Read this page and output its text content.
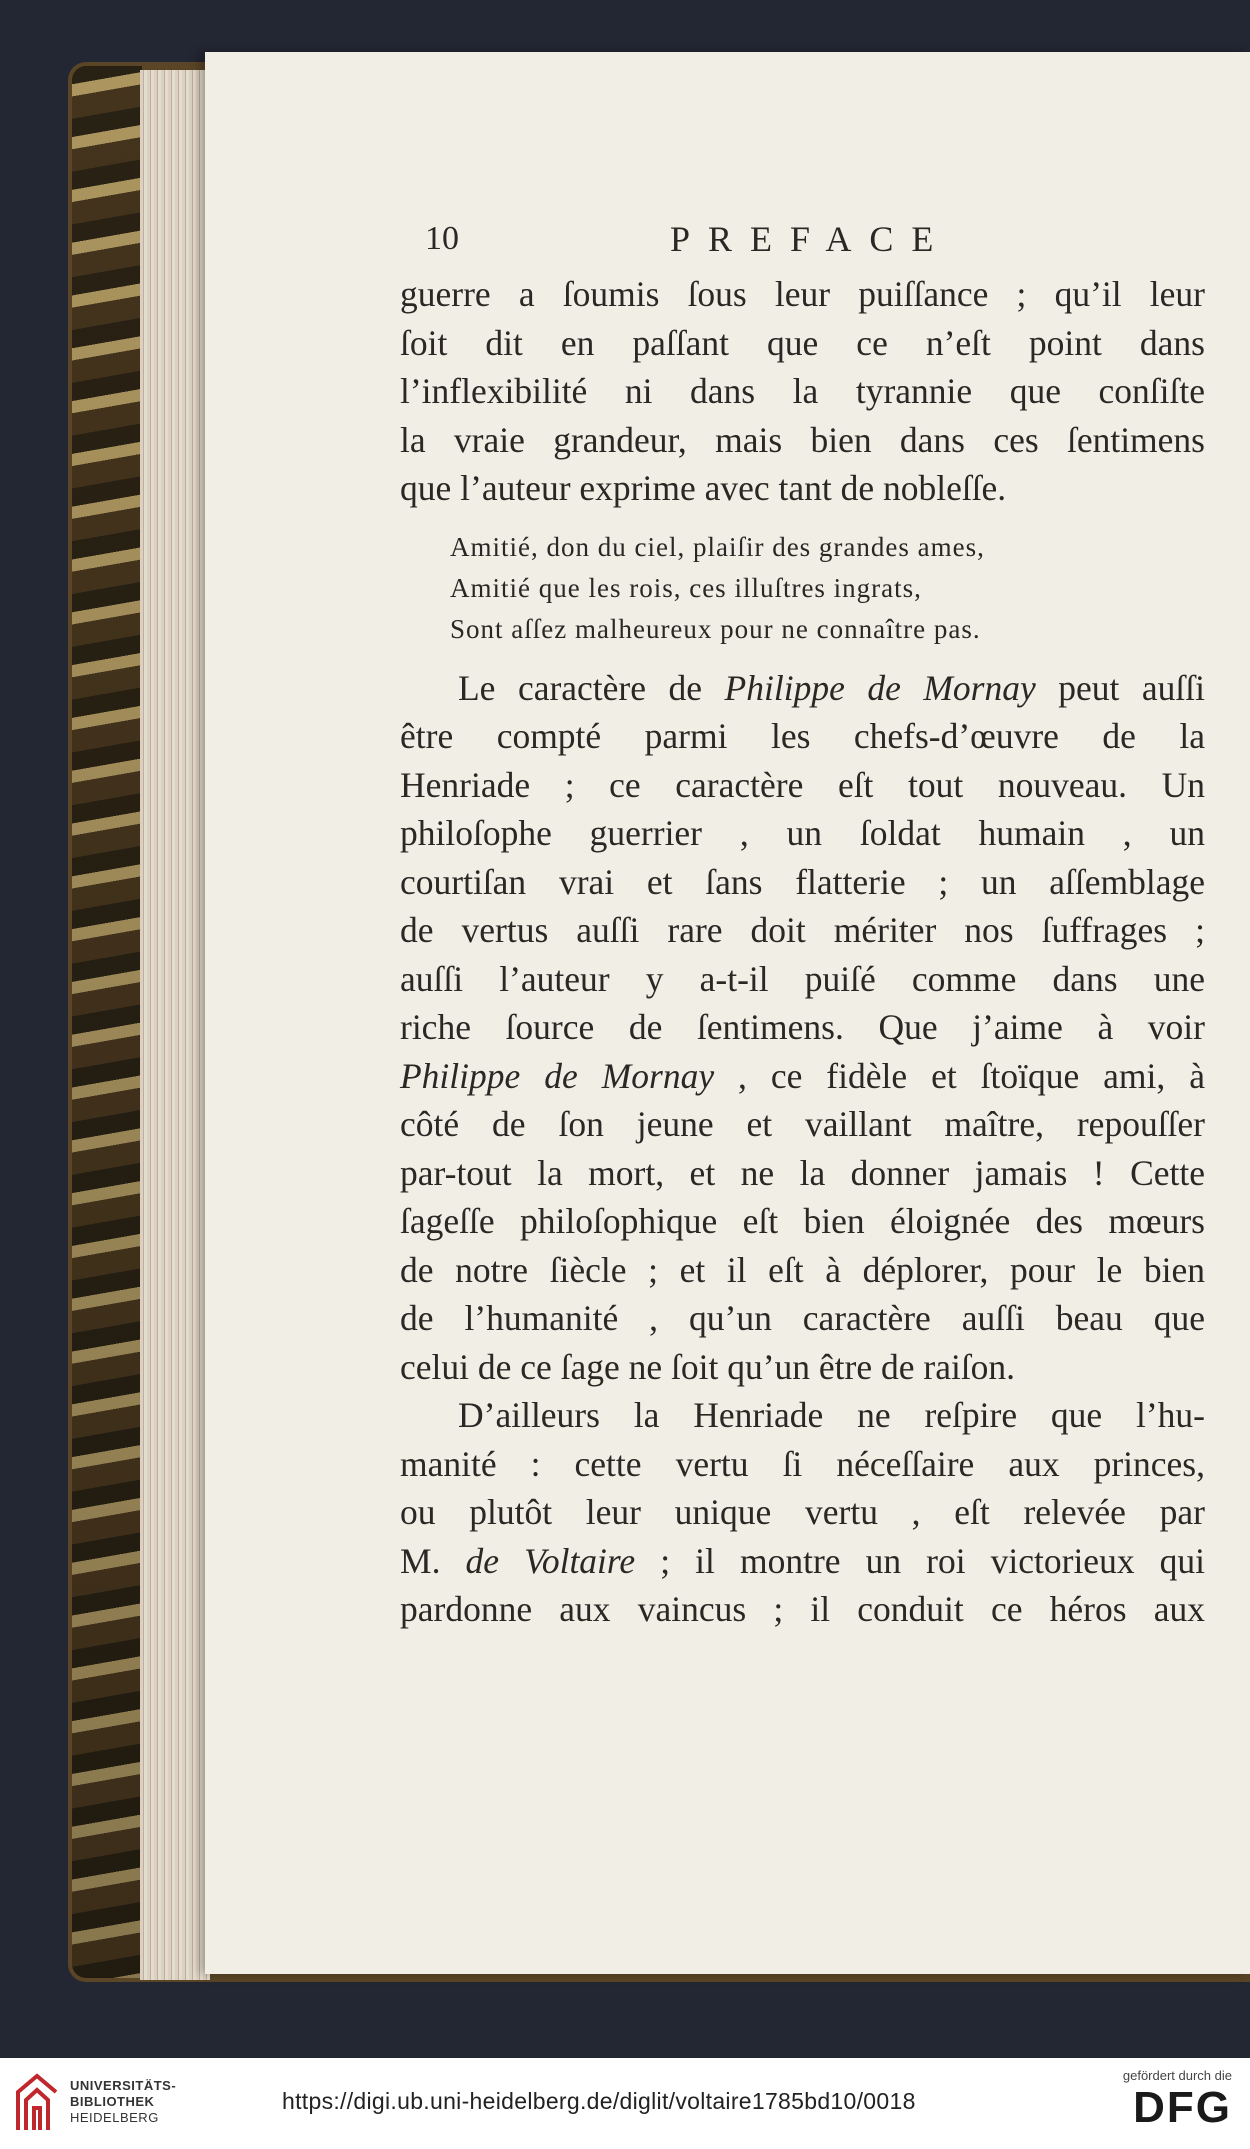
10	PREFACE

guerre a ſoumis ſous leur puiſſance ; qu’il leur
ſoit dit en paſſant que ce n’eſt point dans
l’inflexibilité ni dans la tyrannie que conſiſte
la vraie grandeur, mais bien dans ces ſentimens
que l’auteur exprime avec tant de nobleſſe.

Amitié, don du ciel, plaiſir des grandes ames,
Amitié que les rois, ces illuſtres ingrats,
Sont aſſez malheureux pour ne connaître pas.

Le caractère de Philippe de Mornay peut auſſi
être compté parmi les chefs-d’œuvre de la
Henriade ; ce caractère eſt tout nouveau. Un
philoſophe guerrier , un ſoldat humain , un
courtiſan vrai et ſans flatterie ; un aſſemblage
de vertus auſſi rare doit mériter nos ſuffrages ;
auſſi l’auteur y a-t-il puiſé comme dans une
riche ſource de ſentimens. Que j’aime à voir
Philippe de Mornay , ce fidèle et ſtoïque ami, à
côté de ſon jeune et vaillant maître, repouſſer
par-tout la mort, et ne la donner jamais ! Cette
ſageſſe philoſophique eſt bien éloignée des mœurs
de notre ſiècle ; et il eſt à déplorer, pour le bien
de l’humanité , qu’un caractère auſſi beau que
celui de ce ſage ne ſoit qu’un être de raiſon.

D’ailleurs la Henriade ne reſpire que l’hu-
manité : cette vertu ſi néceſſaire aux princes,
ou plutôt leur unique vertu , eſt relevée par
M. de Voltaire ; il montre un roi victorieux qui
pardonne aux vaincus ; il conduit ce héros aux

UNIVERSITÄTS-
BIBLIOTHEK
HEIDELBERG
https://digi.ub.uni-heidelberg.de/diglit/voltaire1785bd10/0018
gefördert durch die
DFG
